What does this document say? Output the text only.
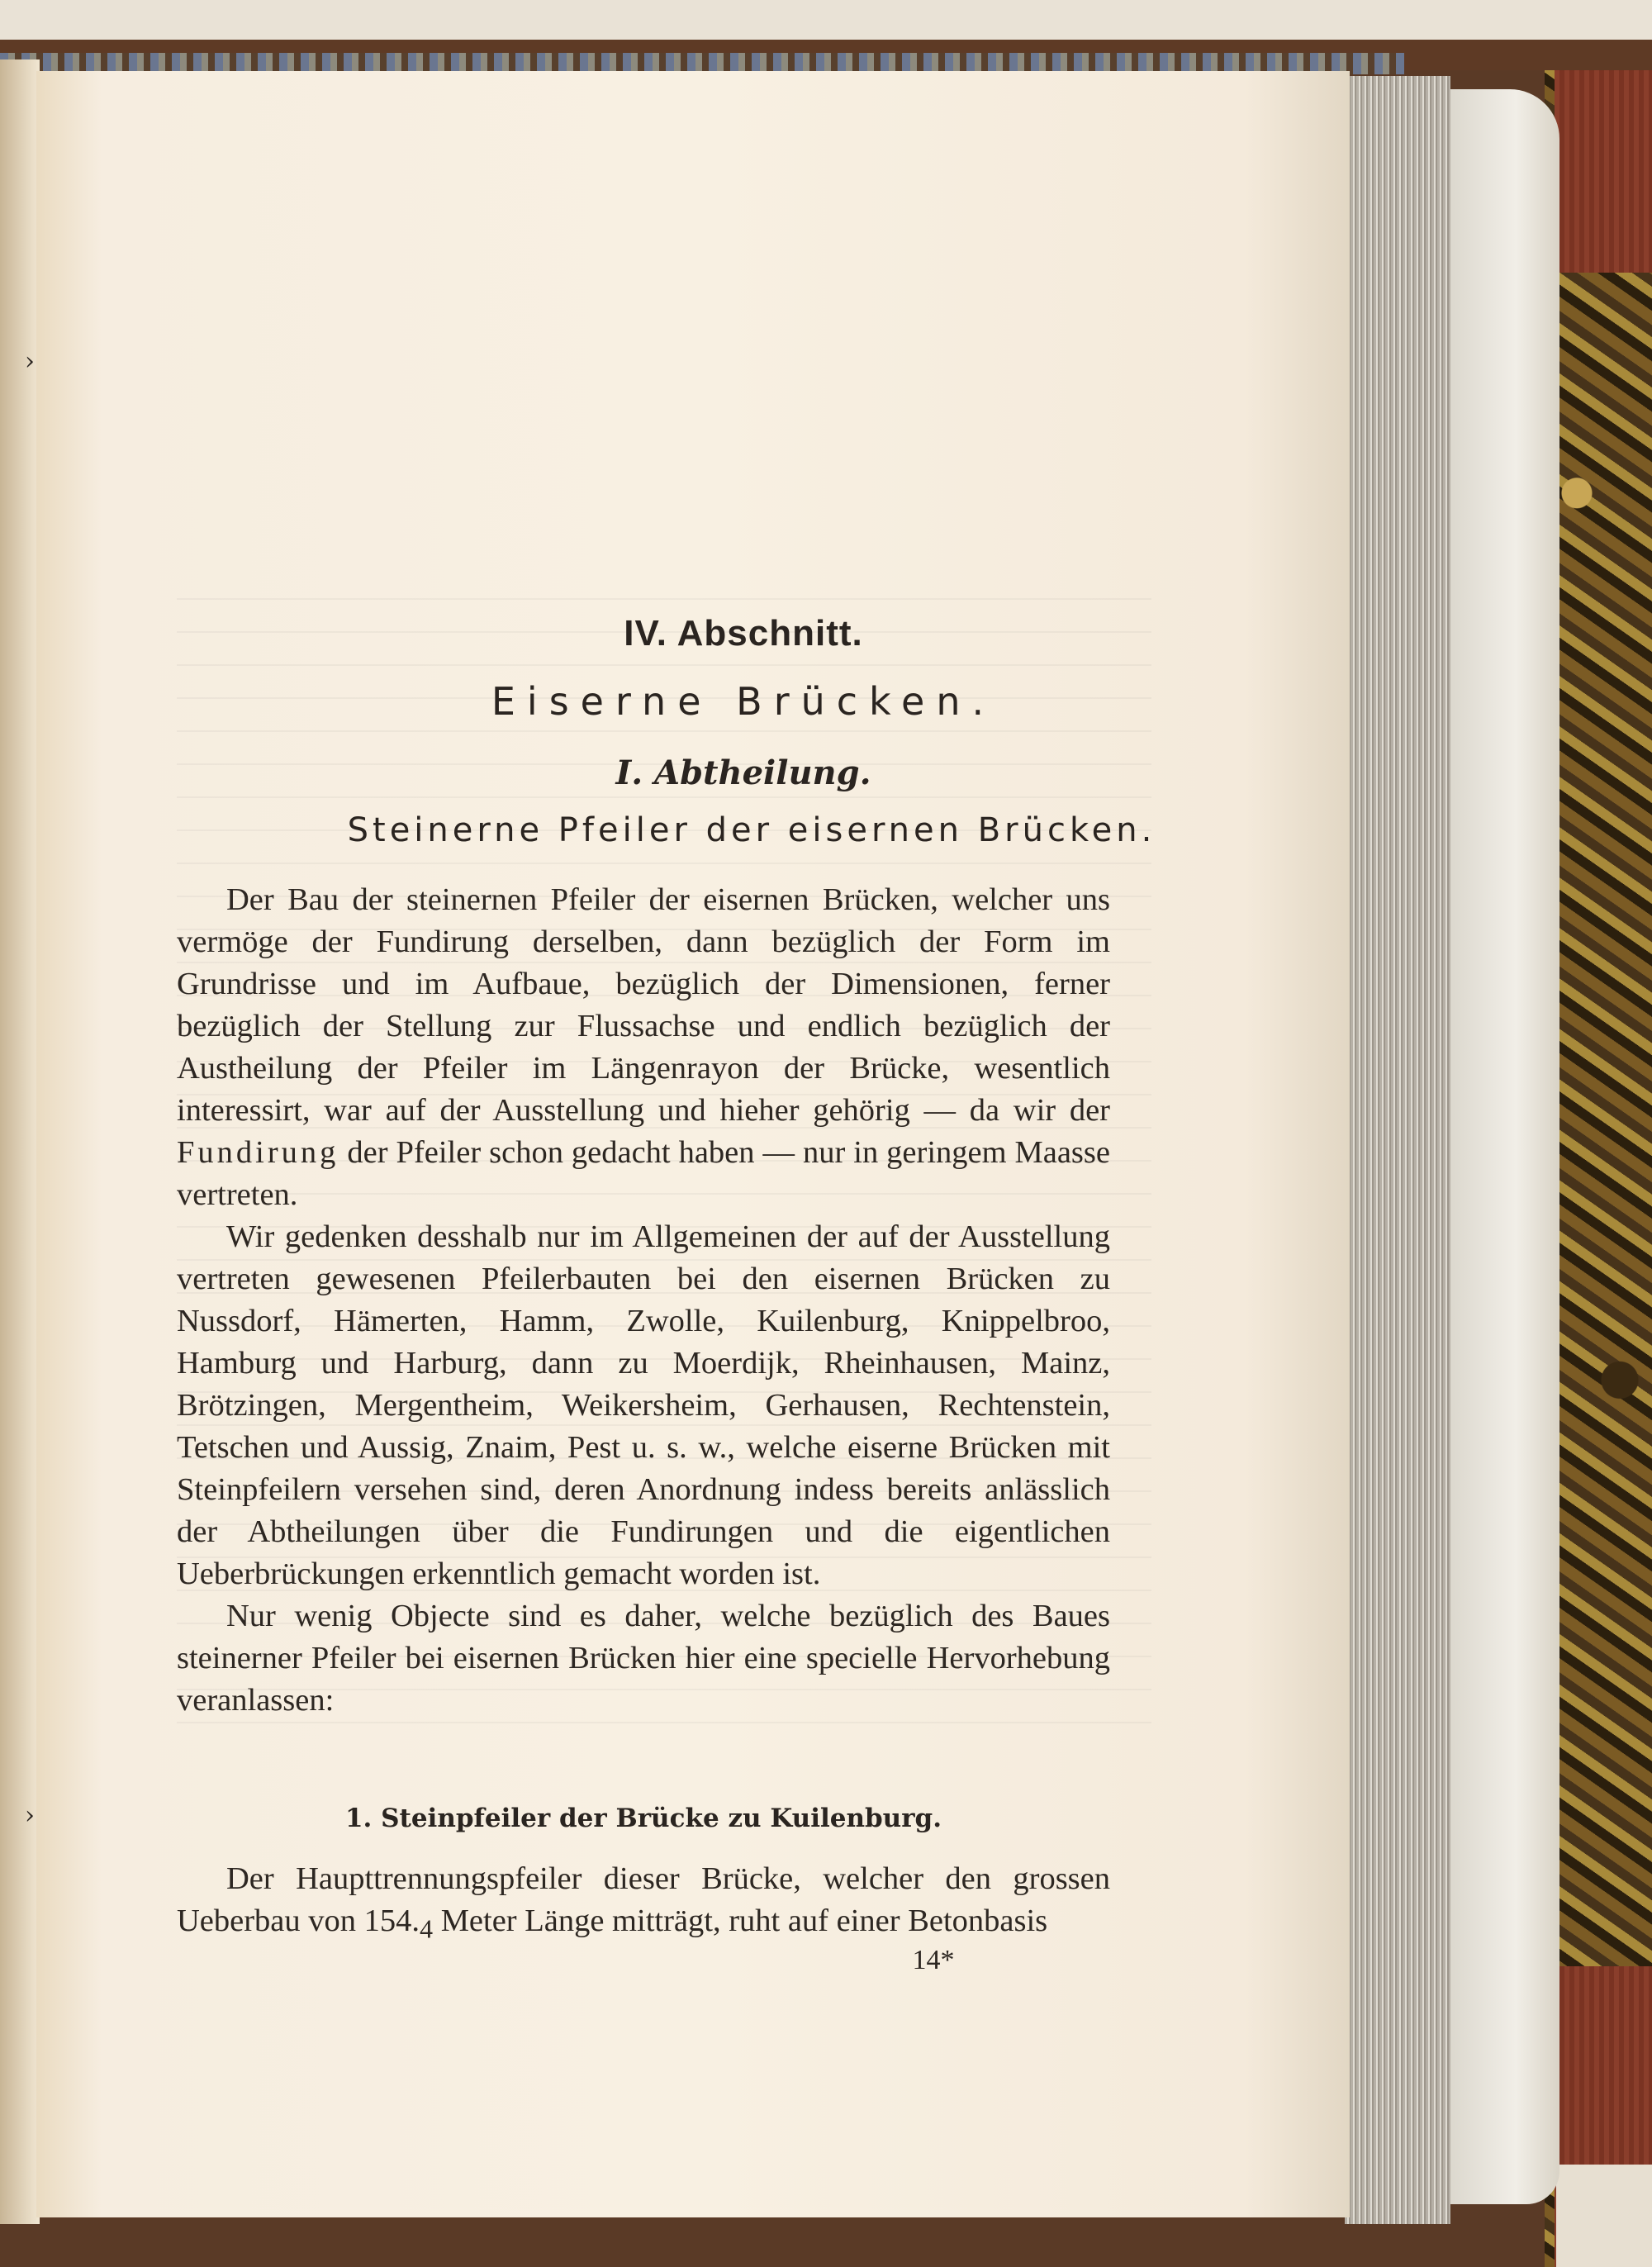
IV. Abschnitt.
Eiserne Brücken.
I. Abtheilung.
Steinerne Pfeiler der eisernen Brücken.

Der Bau der steinernen Pfeiler der eisernen Brücken, welcher uns vermöge der Fundirung derselben, dann bezüglich der Form im Grundrisse und im Aufbaue, bezüglich der Dimensionen, ferner bezüglich der Stellung zur Flussachse und endlich bezüglich der Austheilung der Pfeiler im Längenrayon der Brücke, wesentlich interessirt, war auf der Ausstellung und hieher gehörig — da wir der Fundirung der Pfeiler schon gedacht haben — nur in geringem Maasse vertreten.

Wir gedenken desshalb nur im Allgemeinen der auf der Ausstellung vertreten gewesenen Pfeilerbauten bei den eisernen Brücken zu Nussdorf, Hämerten, Hamm, Zwolle, Kuilenburg, Knippelbroo, Hamburg und Harburg, dann zu Moerdijk, Rheinhausen, Mainz, Brötzingen, Mergentheim, Weikersheim, Gerhausen, Rechtenstein, Tetschen und Aussig, Znaim, Pest u. s. w., welche eiserne Brücken mit Steinpfeilern versehen sind, deren Anordnung indess bereits anlässlich der Abtheilungen über die Fundirungen und die eigentlichen Ueberbrückungen erkenntlich gemacht worden ist.

Nur wenig Objecte sind es daher, welche bezüglich des Baues steinerner Pfeiler bei eisernen Brücken hier eine specielle Hervorhebung veranlassen:

1. Steinpfeiler der Brücke zu Kuilenburg.

Der Haupttrennungspfeiler dieser Brücke, welcher den grossen Ueberbau von $154._4$ Meter Länge mitträgt, ruht auf einer Betonbasis

14*
›
›
